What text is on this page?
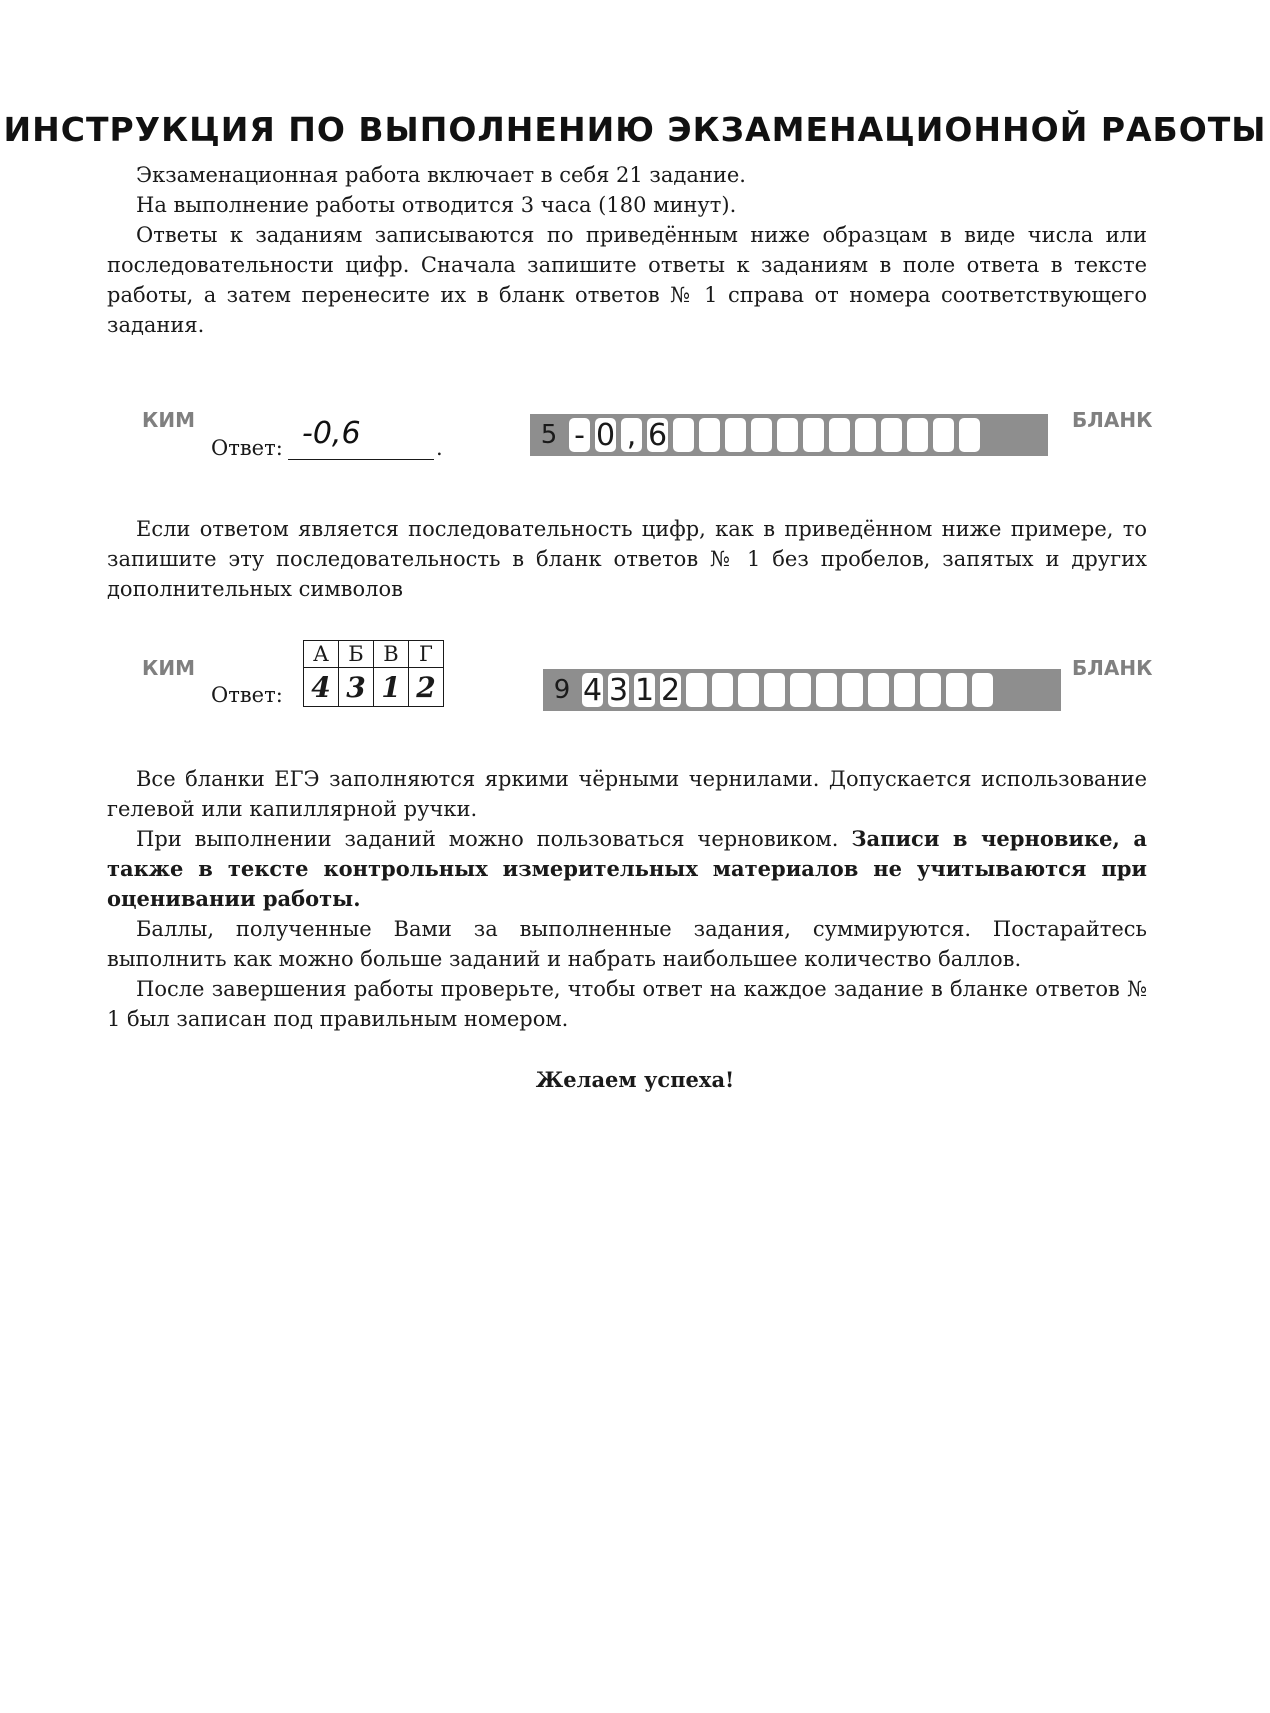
ИНСТРУКЦИЯ ПО ВЫПОЛНЕНИЮ ЭКЗАМЕНАЦИОННОЙ РАБОТЫ

Экзаменационная работа включает в себя 21 задание.

На выполнение работы отводится 3 часа (180 минут).

Ответы к заданиям записываются по приведённым ниже образцам в виде числа или последовательности цифр. Сначала запишите ответы к заданиям в поле ответа в тексте работы, а затем перенесите их в бланк ответов № 1 справа от номера соответствующего задания.

КИМ
Ответ: -0,6	.	5 - 0 , 6	БЛАНК

Если ответом является последовательность цифр, как в приведённом ниже примере, то запишите эту последовательность в бланк ответов № 1 без пробелов, запятых и других дополнительных символов

КИМ
Ответ:
А	Б	В	Г
4	3	1	2	9 4 3 1 2
БЛАНК

Все бланки ЕГЭ заполняются яркими чёрными чернилами. Допускается использование гелевой или капиллярной ручки.

При выполнении заданий можно пользоваться черновиком. Записи в черновике, а также в тексте контрольных измерительных материалов не учитываются при оценивании работы.

Баллы, полученные Вами за выполненные задания, суммируются. Постарайтесь выполнить как можно больше заданий и набрать наибольшее количество баллов.

После завершения работы проверьте, чтобы ответ на каждое задание в бланке ответов № 1 был записан под правильным номером.

Желаем успеха!
